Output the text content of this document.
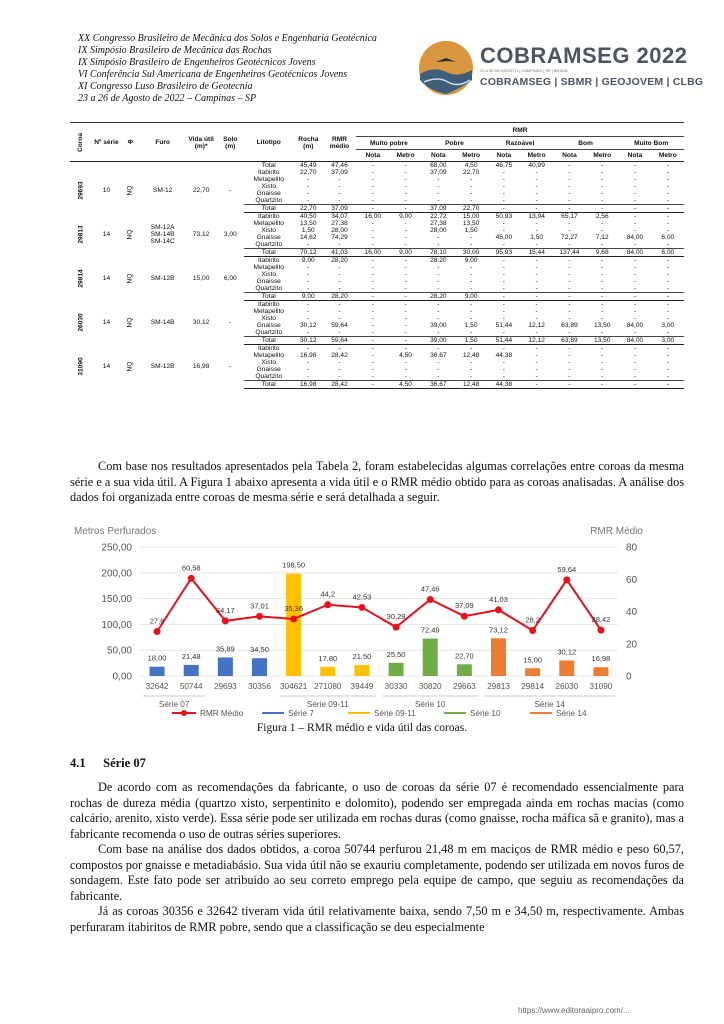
XX Congresso Brasileiro de Mecânica dos Solos e Engenharia Geotécnica
IX Simpósio Brasileiro de Mecânica das Rochas
IX Simpósio Brasileiro de Engenheiros Geotécnicos Jovens
VI Conferência Sul Americana de Engenheiros Geotécnicos Jovens
XI Congresso Luso Brasileiro de Geotecnia
23 a 26 de Agosto de 2022 – Campinas – SP
COBRAMSEG 2022
23 A 26 DE AGOSTO | CAMPINAS | SP | BRASIL
COBRAMSEG | SBMR | GEOJOVEM | CLBG
Coroa	Nº série	Φ	Furo	Vida útil (m)*	Solo (m)	Litotipo	Rocha (m)	RMR médio	RMR									
									Muito pobre		Pobre		Razoável		Bom		Muito Bom	
									Nota	Metro	Nota	Metro	Nota	Metro	Nota	Metro	Nota	Metro
						Total	45,49	47,46	-	-	68,00	4,50	46,75	40,99	-	-	-	-
29693	10	NQ	SM-12	22,70	-	Itabirito	22,70	37,09	-	-	37,09	22,70	-	-	-	-	-	-
						Metapelito	-	-	-	-	-	-	-	-	-	-	-	-
						Xisto	-	-	-	-	-	-	-	-	-	-	-	-
						Gnaisse	-	-	-	-	-	-	-	-	-	-	-	-
						Quartzito	-	-	-	-	-	-	-	-	-	-	-	-
						Total	22,70	37,09	-	-	37,09	22,70	-	-	-	-	-	-
29813	14	NQ	SM-12A
SM-14B
SM-14C	73,12	3,00	Itabirito	40,50	34,07	16,00	9,00	22,72	15,00	50,93	13,94	65,17	2,56	-	-
						Metapelito	13,50	27,38	-	-	27,38	13,50	-	-	-	-	-	-
						Xisto	1,50	28,00	-	-	28,00	1,50	-	-	-	-	-	-
						Gnaisse	14,62	74,29	-	-	-	-	45,00	1,50	72,27	7,12	84,00	6,00
						Quartzito	-	-	-	-	-	-	-	-	-	-	-	-
						Total	70,12	41,03	16,00	9,00	78,10	30,00	95,93	15,44	137,44	9,68	84,00	6,00
29814	14	NQ	SM-12B	15,00	6,00	Itabirito	9,00	28,20	-	-	28,20	9,00	-	-	-	-	-	-
						Metapelito	-	-	-	-	-	-	-	-	-	-	-	-
						Xisto	-	-	-	-	-	-	-	-	-	-	-	-
						Gnaisse	-	-	-	-	-	-	-	-	-	-	-	-
						Quartzito	-	-	-	-	-	-	-	-	-	-	-	-
						Total	9,00	28,20	-	-	28,20	9,00	-	-	-	-	-	-
26030	14	NQ	SM-14B	30,12	-	Itabirito	-	-	-	-	-	-	-	-	-	-	-	-
						Metapelito	-	-	-	-	-	-	-	-	-	-	-	-
						Xisto	-	-	-	-	-	-	-	-	-	-	-	-
						Gnaisse	30,12	59,64	-	-	39,00	1,50	51,44	12,12	63,89	13,50	84,00	3,00
						Quartzito	-	-	-	-	-	-	-	-	-	-	-	-
						Total	30,12	59,64	-	-	39,00	1,50	51,44	12,12	63,89	13,50	84,00	3,00
31090	14	NQ	SM-12B	16,98	-	Itabirito	-	-	-	-	-	-	-	-	-	-	-	-
						Metapelito	16,98	28,42	-	4,50	36,67	12,48	44,38	-	-	-	-	-
						Xisto	-	-	-	-	-	-	-	-	-	-	-	-
						Gnaisse	-	-	-	-	-	-	-	-	-	-	-	-
						Quartzito	-	-	-	-	-	-	-	-	-	-	-	-
						Total	16,98	28,42	-	4,50	36,67	12,48	44,38	-	-	-	-	-

Com base nos resultados apresentados pela Tabela 2, foram estabelecidas algumas correlações entre coroas da mesma série e a sua vida útil. A Figura 1 abaixo apresenta a vida útil e o RMR médio obtido para as coroas analisadas. A análise dos dados foi organizada entre coroas de mesma série e será detalhada a seguir.

Metros Perfurados	RMR Médio
0,00
50,00
100,00
150,00
200,00
250,00
0
20
40
60
80
18,00
32642
21,48
50744
35,89
29693
34,50
30356
198,50
304621
17,80
271080
21,50
39449
25,50
30330
72,49
30820
22,70
29663
73,12
29813
15,00
29814
30,12
26030
16,98
31090
27,6
60,58
34,17
37,01 35,36
44,2 42,53
30,29
47,46
37,09
41,03
28,2
59,64
28,42
Série 07	Série 09-11	Série 10	Série 14
RMR Médio	Série 7	Série 09-11	Série 10	Série 14
Figura 1 – RMR médio e vida útil das coroas.
4.1 Série 07

De acordo com as recomendações da fabricante, o uso de coroas da série 07 é recomendado essencialmente para rochas de dureza média (quartzo xisto, serpentinito e dolomito), podendo ser empregada ainda em rochas macias (como calcário, arenito, xisto verde). Essa série pode ser utilizada em rochas duras (como gnaisse, rocha máfica sã e granito), mas a fabricante recomenda o uso de outras séries superiores.

Com base na análise dos dados obtidos, a coroa 50744 perfurou 21,48 m em maciços de RMR médio e peso 60,57, compostos por gnaisse e metadiabásio. Sua vida útil não se exauriu completamente, podendo ser utilizada em novos furos de sondagem. Este fato pode ser atribuído ao seu correto emprego pela equipe de campo, que seguiu as recomendações da fabricante.

Já as coroas 30356 e 32642 tiveram vida útil relativamente baixa, sendo 7,50 m e 34,50 m, respectivamente. Ambas perfuraram itabiritos de RMR pobre, sendo que a classificação se deu especialmente

https://www.editoraaipro.com/...
